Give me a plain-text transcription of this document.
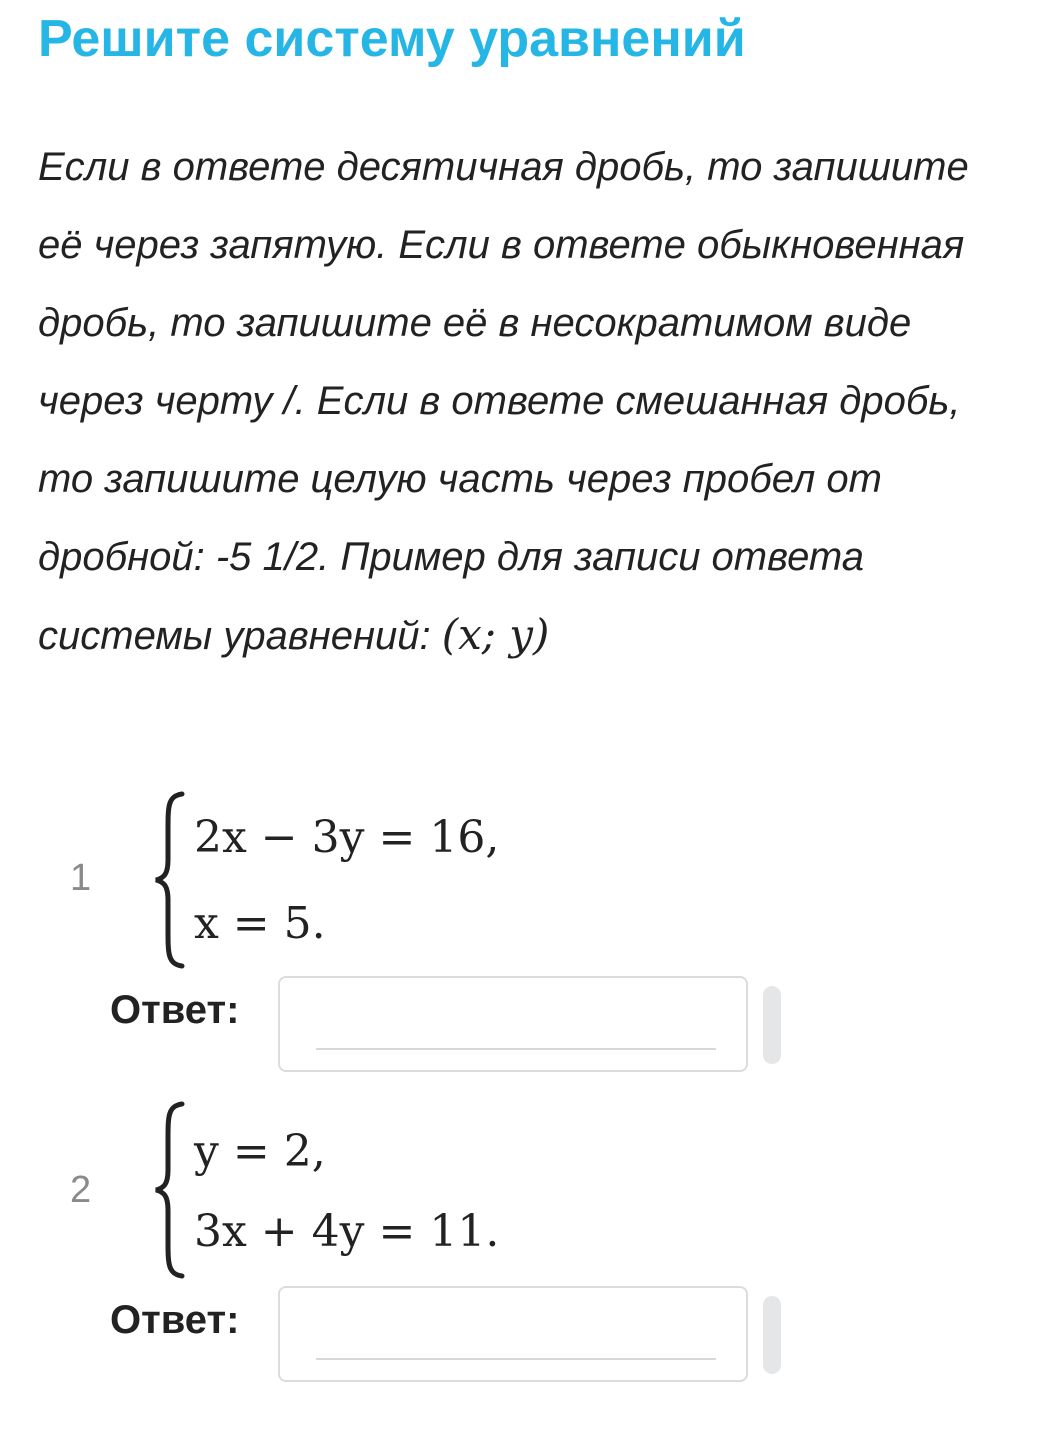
Решите систему уравнений

Если в ответе десятичная дробь, то запишите её через запятую. Если в ответе обыкновенная дробь, то запишите её в несократимом виде через черту /. Если в ответе смешанная дробь, то запишите целую часть через пробел от дробной: -5 1/2. Пример для записи ответа системы уравнений: (x; y)

1
2x − 3y = 16,
x = 5.
Ответ:
2
y = 2,
3x + 4y = 11.
Ответ:
